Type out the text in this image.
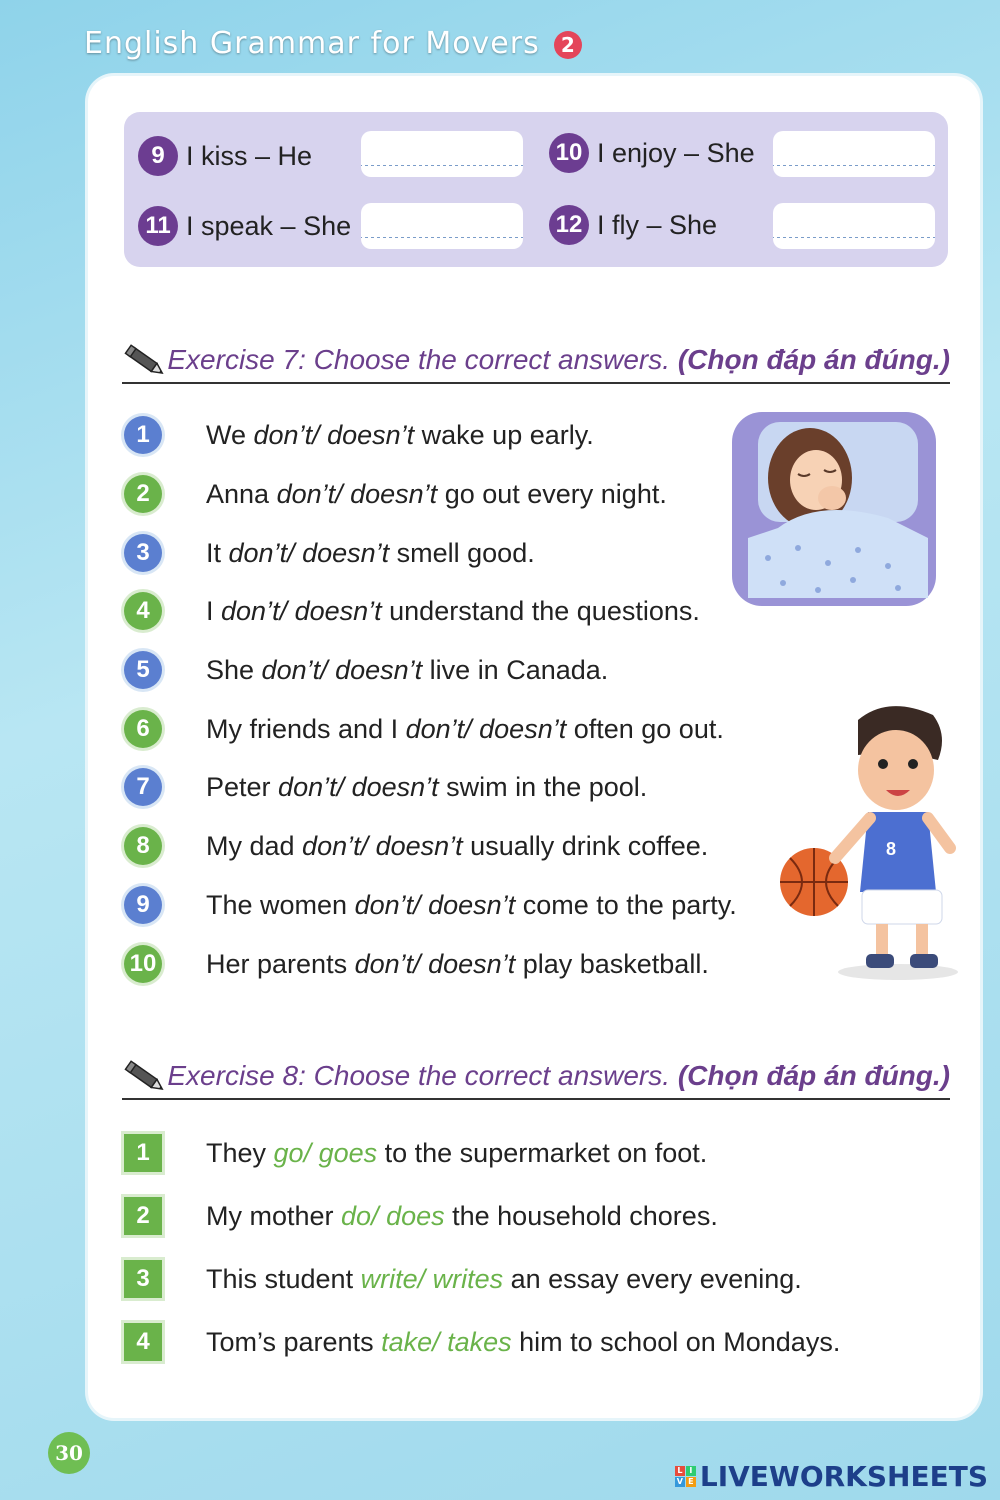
English Grammar for Movers 2
9 I kiss – He	10 I enjoy – She
11 I speak – She	12 I fly – She
Exercise 7: Choose the correct answers. (Chọn đáp án đúng.)
1	We don’t/ doesn’t wake up early.
2	Anna don’t/ doesn’t go out every night.
3	It don’t/ doesn’t smell good.
4	I don’t/ doesn’t understand the questions.
5	She don’t/ doesn’t live in Canada.
6	My friends and I don’t/ doesn’t often go out.
7	Peter don’t/ doesn’t swim in the pool.
8	My dad don’t/ doesn’t usually drink coffee.
9	The women don’t/ doesn’t come to the party.
10 Her parents don’t/ doesn’t play basketball.
8
Exercise 8: Choose the correct answers. (Chọn đáp án đúng.)
1	They go/ goes to the supermarket on foot.
2	My mother do/ does the household chores.
3	This student write/ writes an essay every evening.
4	Tom’s parents take/ takes him to school on Mondays.
30
L I
V E LIVEWORKSHEETS
